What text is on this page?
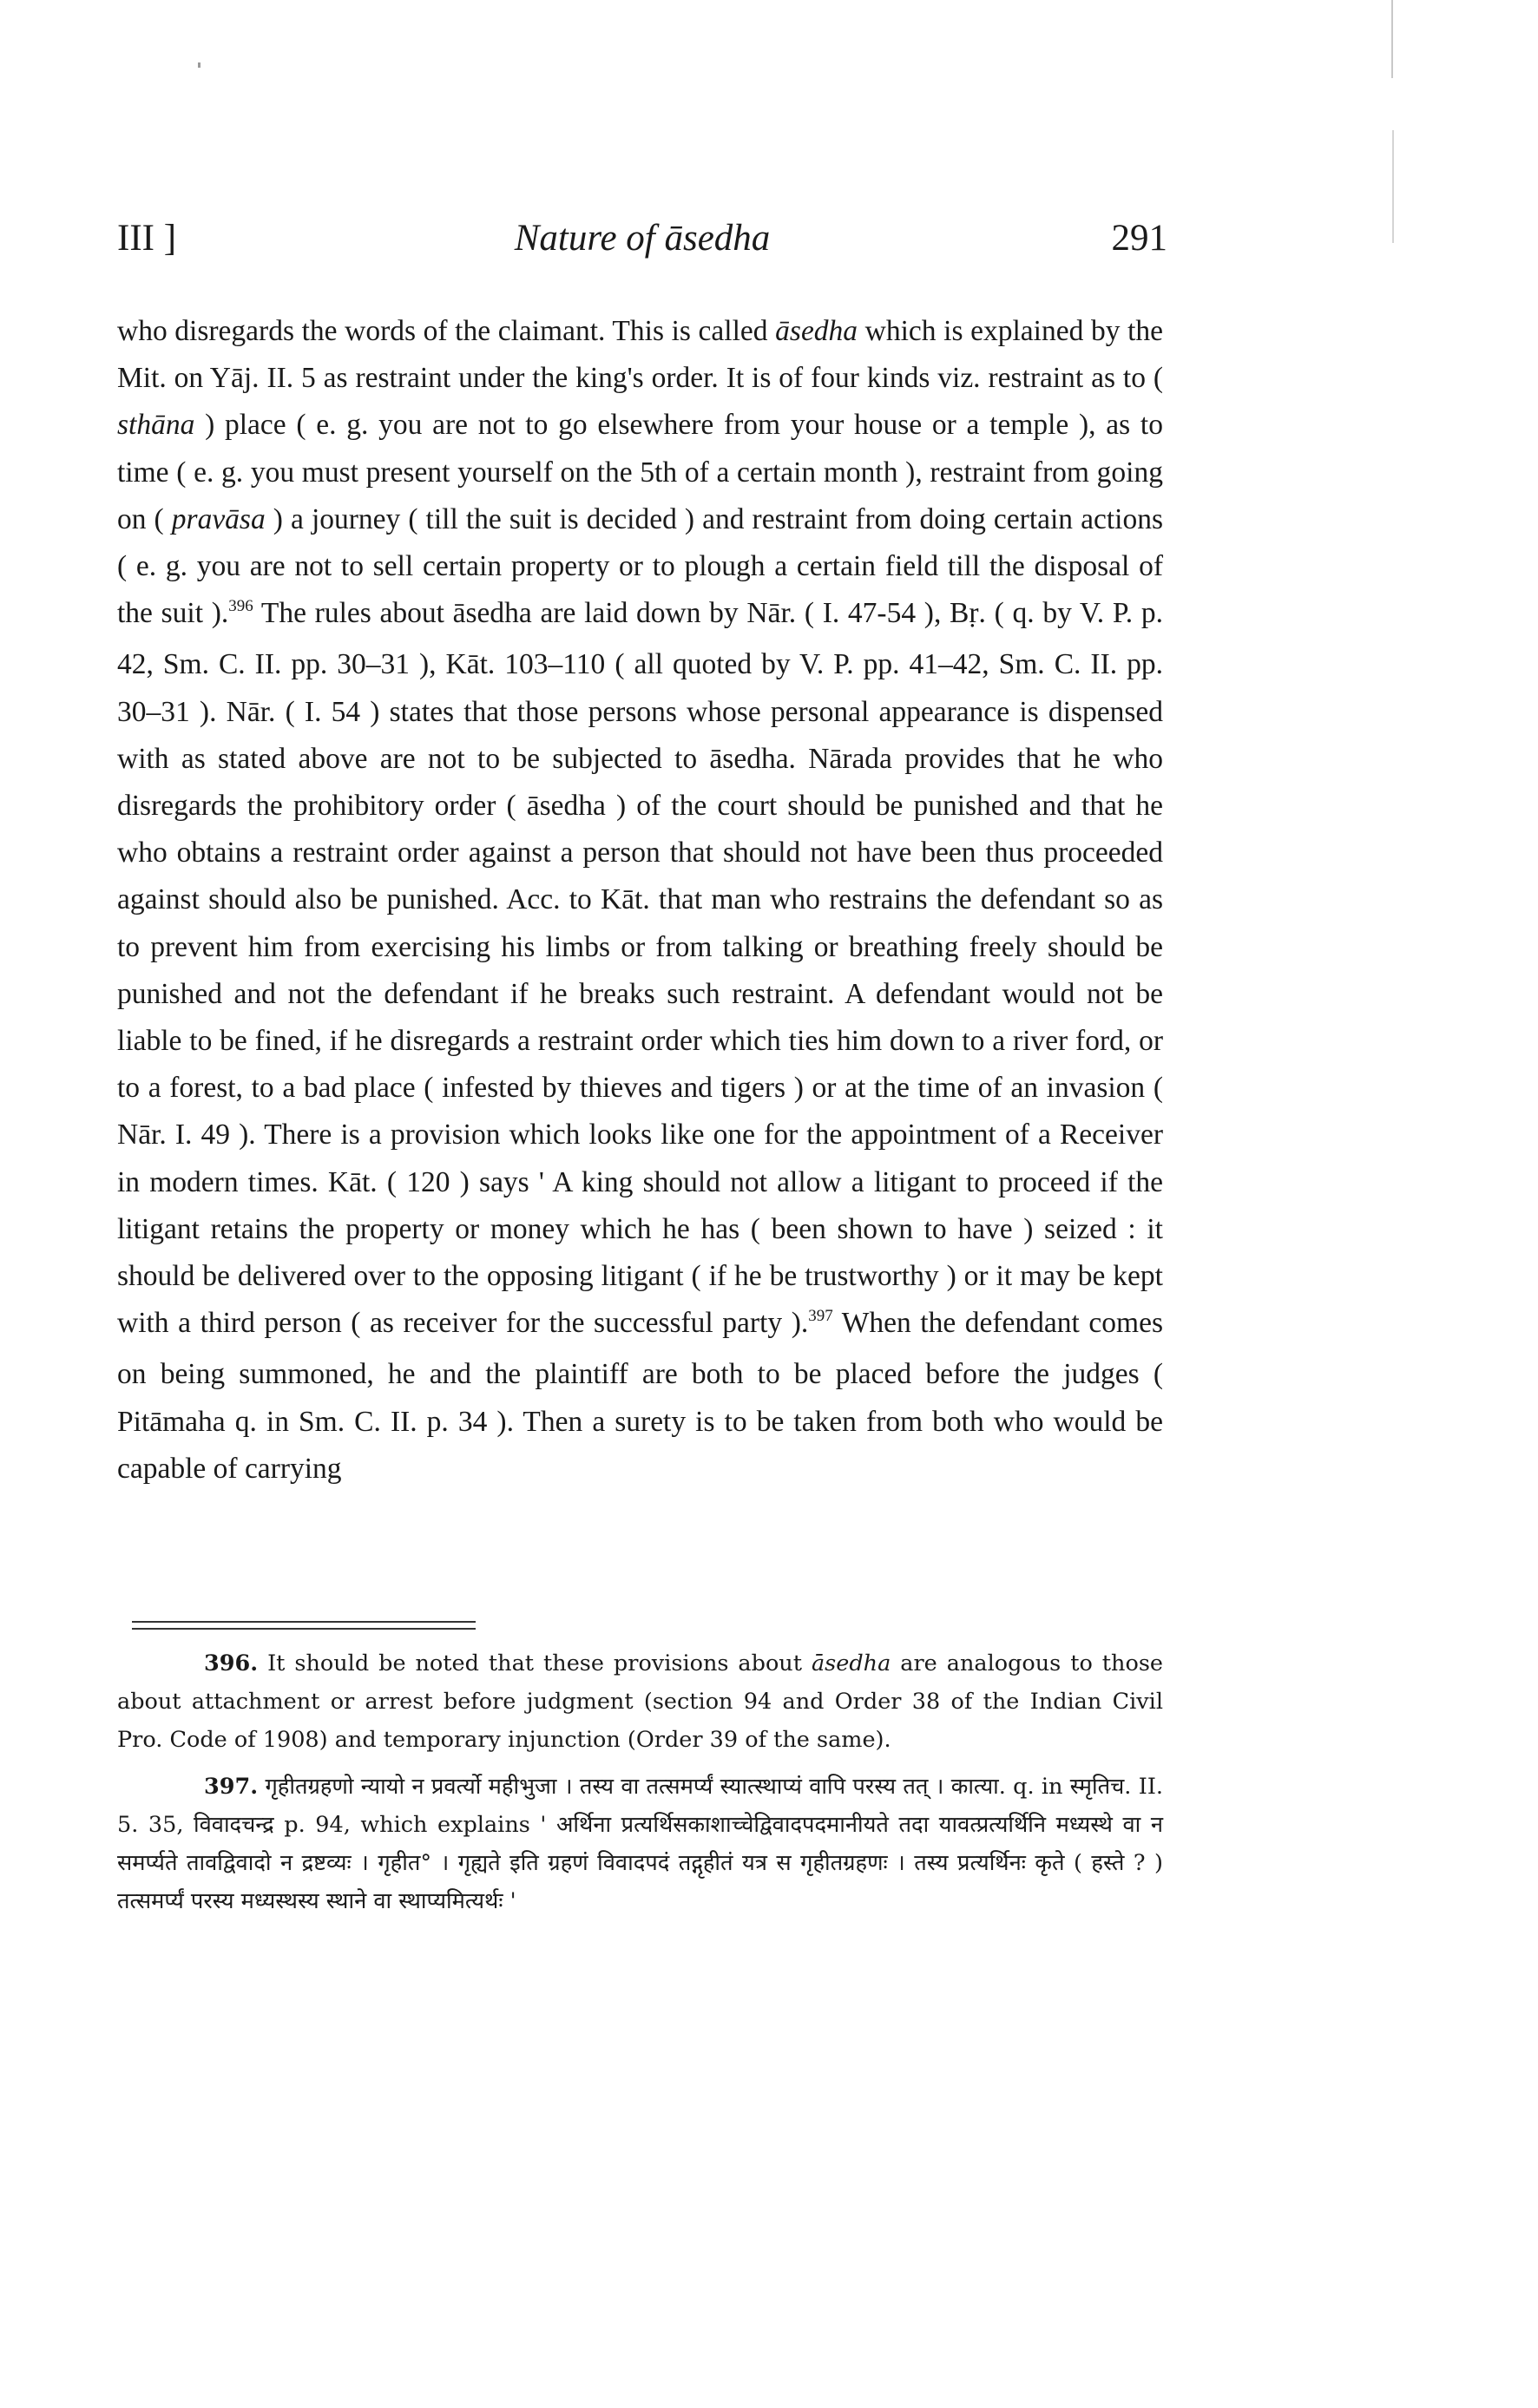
III ]	Nature of āsedha	291

who disregards the words of the claimant. This is called āsedha which is explained by the Mit. on Yāj. II. 5 as restraint under the king's order. It is of four kinds viz. restraint as to ( sthāna ) place ( e. g. you are not to go elsewhere from your house or a temple ), as to time ( e. g. you must present yourself on the 5th of a certain month ), restraint from going on ( pravāsa ) a journey ( till the suit is decided ) and restraint from doing certain actions ( e. g. you are not to sell certain property or to plough a certain field till the disposal of the suit ).$^{396}$ The rules about āsedha are laid down by Nār. ( I. 47-54 ), Bṛ. ( q. by V. P. p. 42, Sm. C. II. pp. 30–31 ), Kāt. 103–110 ( all quoted by V. P. pp. 41–42, Sm. C. II. pp. 30–31 ). Nār. ( I. 54 ) states that those persons whose personal appearance is dispensed with as stated above are not to be subjected to āsedha. Nārada provides that he who disregards the prohibitory order ( āsedha ) of the court should be punished and that he who obtains a restraint order against a person that should not have been thus proceeded against should also be punished. Acc. to Kāt. that man who restrains the defendant so as to prevent him from exercising his limbs or from talking or breathing freely should be punished and not the defendant if he breaks such restraint. A defendant would not be liable to be fined, if he disregards a restraint order which ties him down to a river ford, or to a forest, to a bad place ( infested by thieves and tigers ) or at the time of an invasion ( Nār. I. 49 ). There is a provision which looks like one for the appointment of a Receiver in modern times. Kāt. ( 120 ) says ' A king should not allow a litigant to proceed if the litigant retains the property or money which he has ( been shown to have ) seized : it should be delivered over to the opposing litigant ( if he be trustworthy ) or it may be kept with a third person ( as receiver for the successful party ).$^{397}$ When the defendant comes on being summoned, he and the plaintiff are both to be placed before the judges ( Pitāmaha q. in Sm. C. II. p. 34 ). Then a surety is to be taken from both who would be capable of carrying

396. It should be noted that these provisions about āsedha are analogous to those about attachment or arrest before judgment (section 94 and Order 38 of the Indian Civil Pro. Code of 1908) and temporary injunction (Order 39 of the same).

397. गृहीतग्रहणो न्यायो न प्रवर्त्यो महीभुजा । तस्य वा तत्समर्प्यं स्यात्स्थाप्यं वापि परस्य तत् । कात्या. q. in स्मृतिच. II. 5. 35, विवादचन्द्र p. 94, which explains ' अर्थिना प्रत्यर्थिसकाशाच्चेद्विवादपदमानीयते तदा यावत्प्रत्यर्थिनि मध्यस्थे वा न समर्प्यते तावद्विवादो न द्रष्टव्यः । गृहीत° । गृह्यते इति ग्रहणं विवादपदं तद्गृहीतं यत्र स गृहीतग्रहणः । तस्य प्रत्यर्थिनः कृते ( हस्ते ? ) तत्समर्प्यं परस्य मध्यस्थस्य स्थाने वा स्थाप्यमित्यर्थः '
